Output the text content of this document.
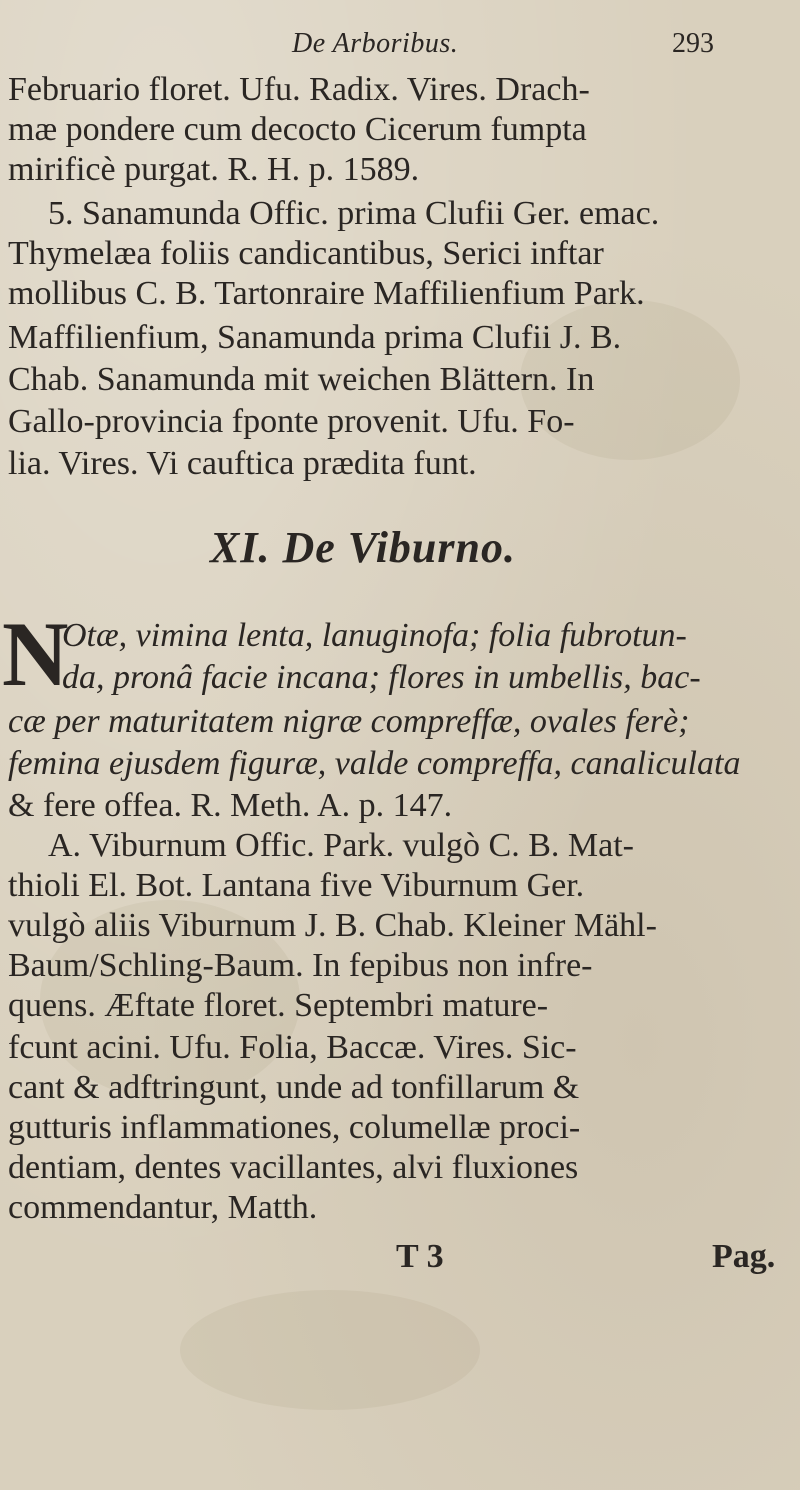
De Arboribus.	293
Februario floret. Ufu. Radix. Vires. Drach-
mæ pondere cum decocto Cicerum fumpta
mirificè purgat. R. H. p. 1589.
5. Sanamunda Offic. prima Clufii Ger. emac.
Thymelæa foliis candicantibus, Serici inftar
mollibus C. B. Tartonraire Maffilienfium Park.
Maffilienfium, Sanamunda prima Clufii J. B.
Chab. Sanamunda mit weichen Blättern. In
Gallo-provincia fponte provenit. Ufu. Fo-
lia. Vires. Vi cauftica prædita funt.
XI. De Viburno.
N
Otæ, vimina lenta, lanuginofa; folia fubrotun-
da, pronâ facie incana; flores in umbellis, bac-
cæ per maturitatem nigræ compreffæ, ovales ferè;
femina ejusdem figuræ, valde compreffa, canaliculata
& fere offea. R. Meth. A. p. 147.
A. Viburnum Offic. Park. vulgò C. B. Mat-
thioli El. Bot. Lantana five Viburnum Ger.
vulgò aliis Viburnum J. B. Chab. Kleiner Mähl-
Baum/Schling-Baum. In fepibus non infre-
quens. Æftate floret. Septembri mature-
fcunt acini. Ufu. Folia, Baccæ. Vires. Sic-
cant & adftringunt, unde ad tonfillarum &
gutturis inflammationes, columellæ proci-
dentiam, dentes vacillantes, alvi fluxiones
commendantur, Matth.
T 3	Pag.
